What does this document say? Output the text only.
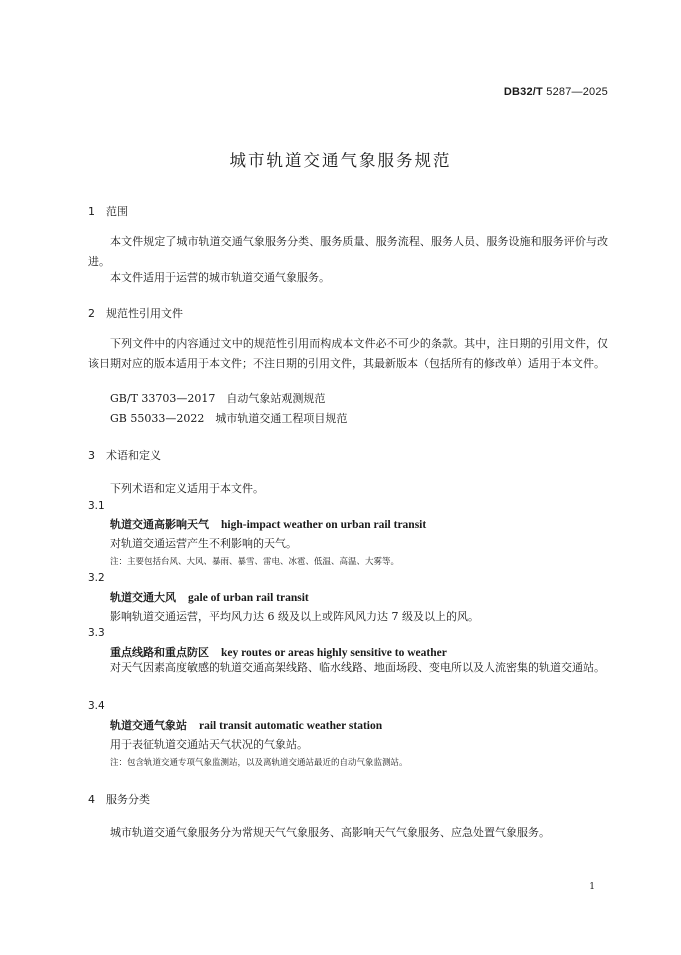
DB32/T 5287—2025
城市轨道交通气象服务规范
1 范围
本文件规定了城市轨道交通气象服务分类、服务质量、服务流程、服务人员、服务设施和服务评价与改进。
本文件适用于运营的城市轨道交通气象服务。
2 规范性引用文件
下列文件中的内容通过文中的规范性引用而构成本文件必不可少的条款。其中，注日期的引用文件，仅该日期对应的版本适用于本文件；不注日期的引用文件，其最新版本（包括所有的修改单）适用于本文件。
GB/T 33703—2017　自动气象站观测规范
GB 55033—2022　城市轨道交通工程项目规范
3 术语和定义
下列术语和定义适用于本文件。
3.1
轨道交通高影响天气 high-impact weather on urban rail transit
对轨道交通运营产生不利影响的天气。
注：主要包括台风、大风、暴雨、暴雪、雷电、冰雹、低温、高温、大雾等。
3.2
轨道交通大风 gale of urban rail transit
影响轨道交通运营，平均风力达 6 级及以上或阵风风力达 7 级及以上的风。
3.3
重点线路和重点防区 key routes or areas highly sensitive to weather
对天气因素高度敏感的轨道交通高架线路、临水线路、地面场段、变电所以及人流密集的轨道交通站。
3.4
轨道交通气象站 rail transit automatic weather station
用于表征轨道交通站天气状况的气象站。
注：包含轨道交通专项气象监测站，以及离轨道交通站最近的自动气象监测站。
4 服务分类
城市轨道交通气象服务分为常规天气气象服务、高影响天气气象服务、应急处置气象服务。
1
